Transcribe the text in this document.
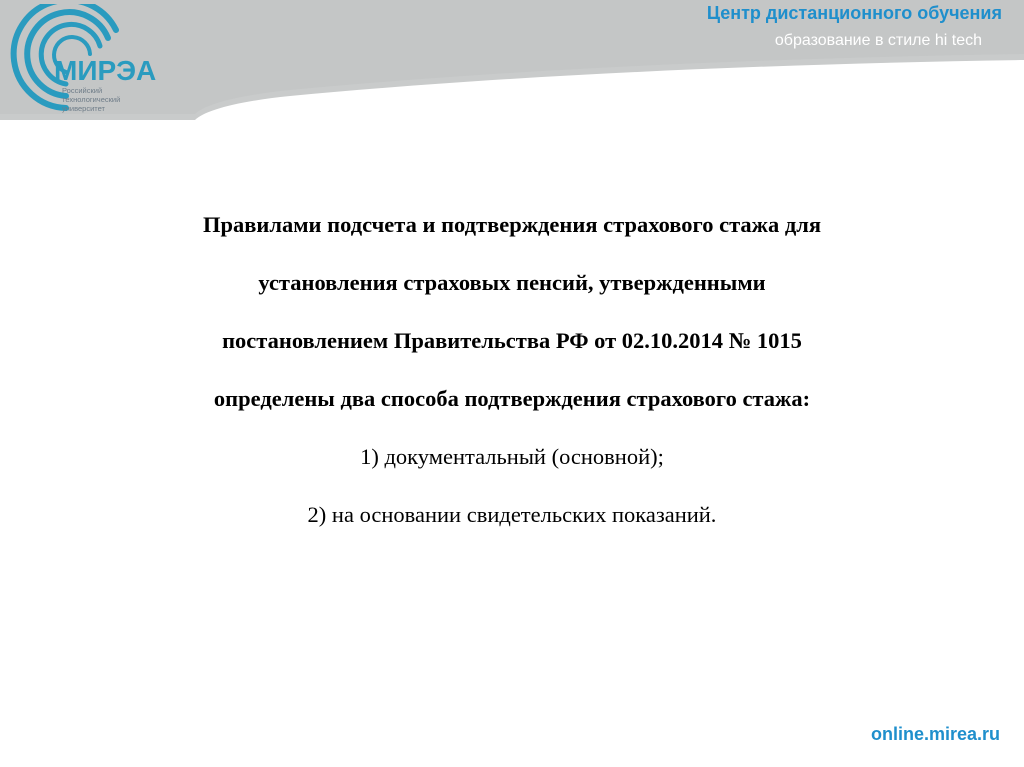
МИРЭА
Российский
технологический
университет
Центр дистанционного обучения
образование в стиле hi tech
Правилами подсчета и подтверждения страхового стажа для
установления страховых пенсий, утвержденными
постановлением Правительства РФ от 02.10.2014 № 1015
определены два способа подтверждения страхового стажа:
1) документальный (основной);
2) на основании свидетельских показаний.
online.mirea.ru
